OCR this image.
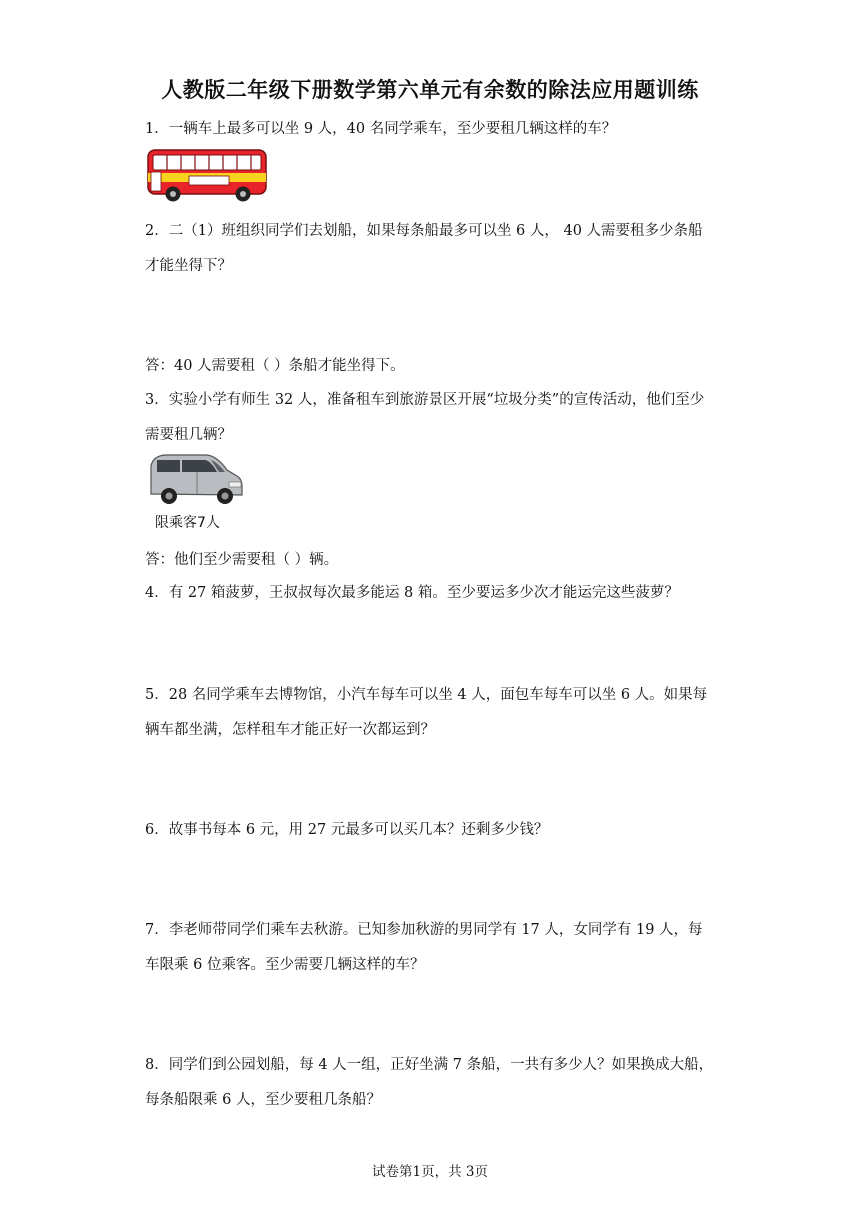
人教版二年级下册数学第六单元有余数的除法应用题训练
1．一辆车上最多可以坐 9 人，40 名同学乘车，至少要租几辆这样的车？
2．二（1）班组织同学们去划船，如果每条船最多可以坐 6 人， 40 人需要租多少条船
才能坐得下？
答：40 人需要租（ ）条船才能坐得下。
3．实验小学有师生 32 人，准备租车到旅游景区开展“垃圾分类”的宣传活动，他们至少
需要租几辆？
限乘客7人
答：他们至少需要租（ ）辆。
4．有 27 箱菠萝，王叔叔每次最多能运 8 箱。至少要运多少次才能运完这些菠萝？
5．28 名同学乘车去博物馆，小汽车每车可以坐 4 人，面包车每车可以坐 6 人。如果每
辆车都坐满，怎样租车才能正好一次都运到？
6．故事书每本 6 元，用 27 元最多可以买几本？还剩多少钱？
7．李老师带同学们乘车去秋游。已知参加秋游的男同学有 17 人，女同学有 19 人，每
车限乘 6 位乘客。至少需要几辆这样的车？
8．同学们到公园划船，每 4 人一组，正好坐满 7 条船，一共有多少人？如果换成大船，
每条船限乘 6 人，至少要租几条船？
试卷第1页，共 3页
